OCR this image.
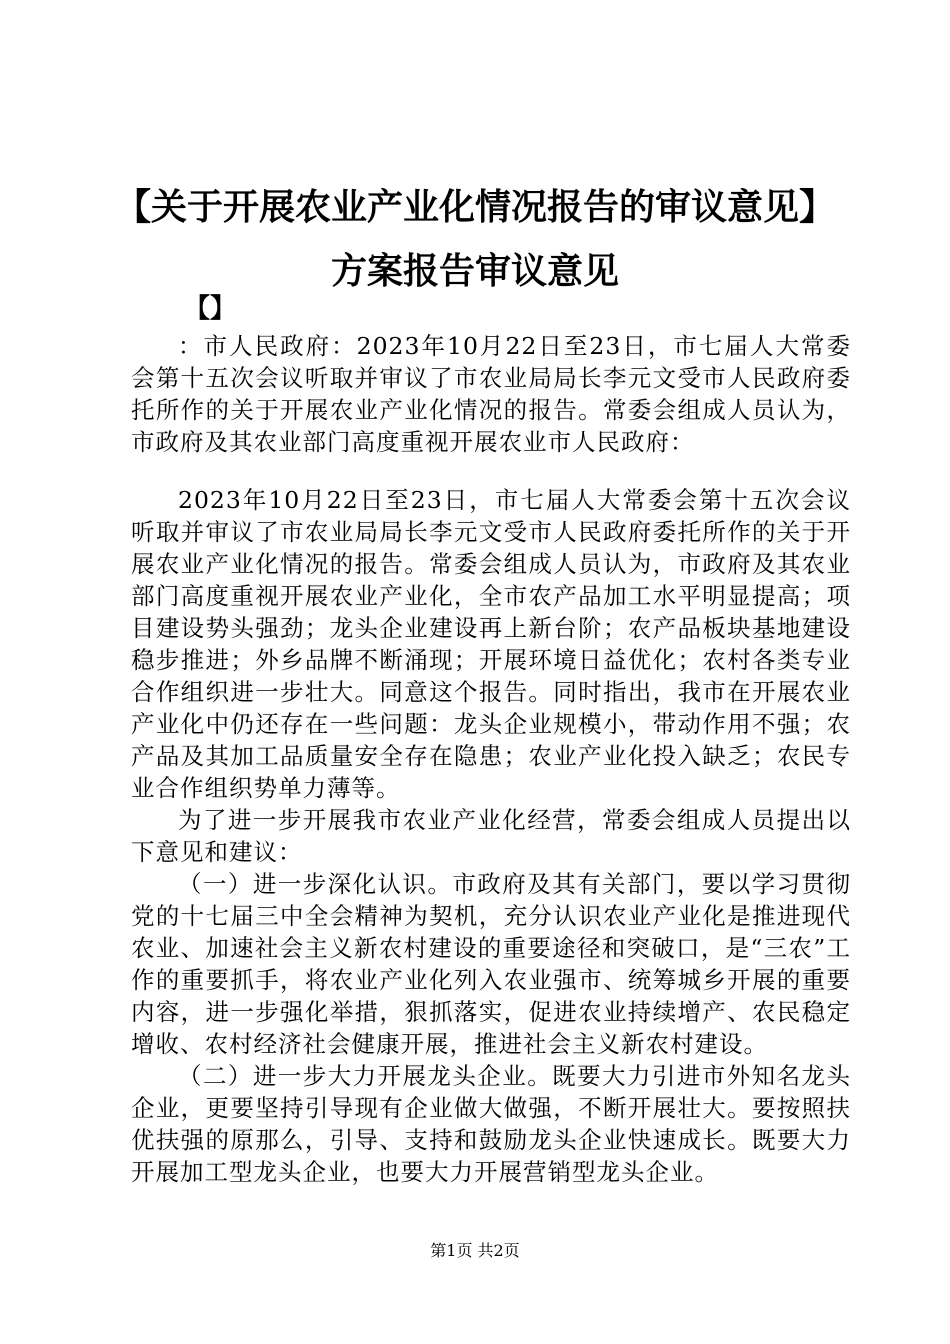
【关于开展农业产业化情况报告的审议意见】
方案报告审议意见
【】
：市人民政府：2023年10月22日至23日，市七届人大常委会第十五次会议听取并审议了市农业局局长李元文受市人民政府委托所作的关于开展农业产业化情况的报告。常委会组成人员认为，市政府及其农业部门高度重视开展农业市人民政府：

2023年10月22日至23日，市七届人大常委会第十五次会议听取并审议了市农业局局长李元文受市人民政府委托所作的关于开展农业产业化情况的报告。常委会组成人员认为，市政府及其农业部门高度重视开展农业产业化，全市农产品加工水平明显提高；项目建设势头强劲；龙头企业建设再上新台阶；农产品板块基地建设稳步推进；外乡品牌不断涌现；开展环境日益优化；农村各类专业合作组织进一步壮大。同意这个报告。同时指出，我市在开展农业产业化中仍还存在一些问题：龙头企业规模小，带动作用不强；农产品及其加工品质量安全存在隐患；农业产业化投入缺乏；农民专业合作组织势单力薄等。

为了进一步开展我市农业产业化经营，常委会组成人员提出以下意见和建议：

（一）进一步深化认识。市政府及其有关部门，要以学习贯彻党的十七届三中全会精神为契机，充分认识农业产业化是推进现代农业、加速社会主义新农村建设的重要途径和突破口，是“三农”工作的重要抓手，将农业产业化列入农业强市、统筹城乡开展的重要内容，进一步强化举措，狠抓落实，促进农业持续增产、农民稳定增收、农村经济社会健康开展，推进社会主义新农村建设。

（二）进一步大力开展龙头企业。既要大力引进市外知名龙头企业，更要坚持引导现有企业做大做强，不断开展壮大。要按照扶优扶强的原那么，引导、支持和鼓励龙头企业快速成长。既要大力开展加工型龙头企业，也要大力开展营销型龙头企业。

第1页 共2页
